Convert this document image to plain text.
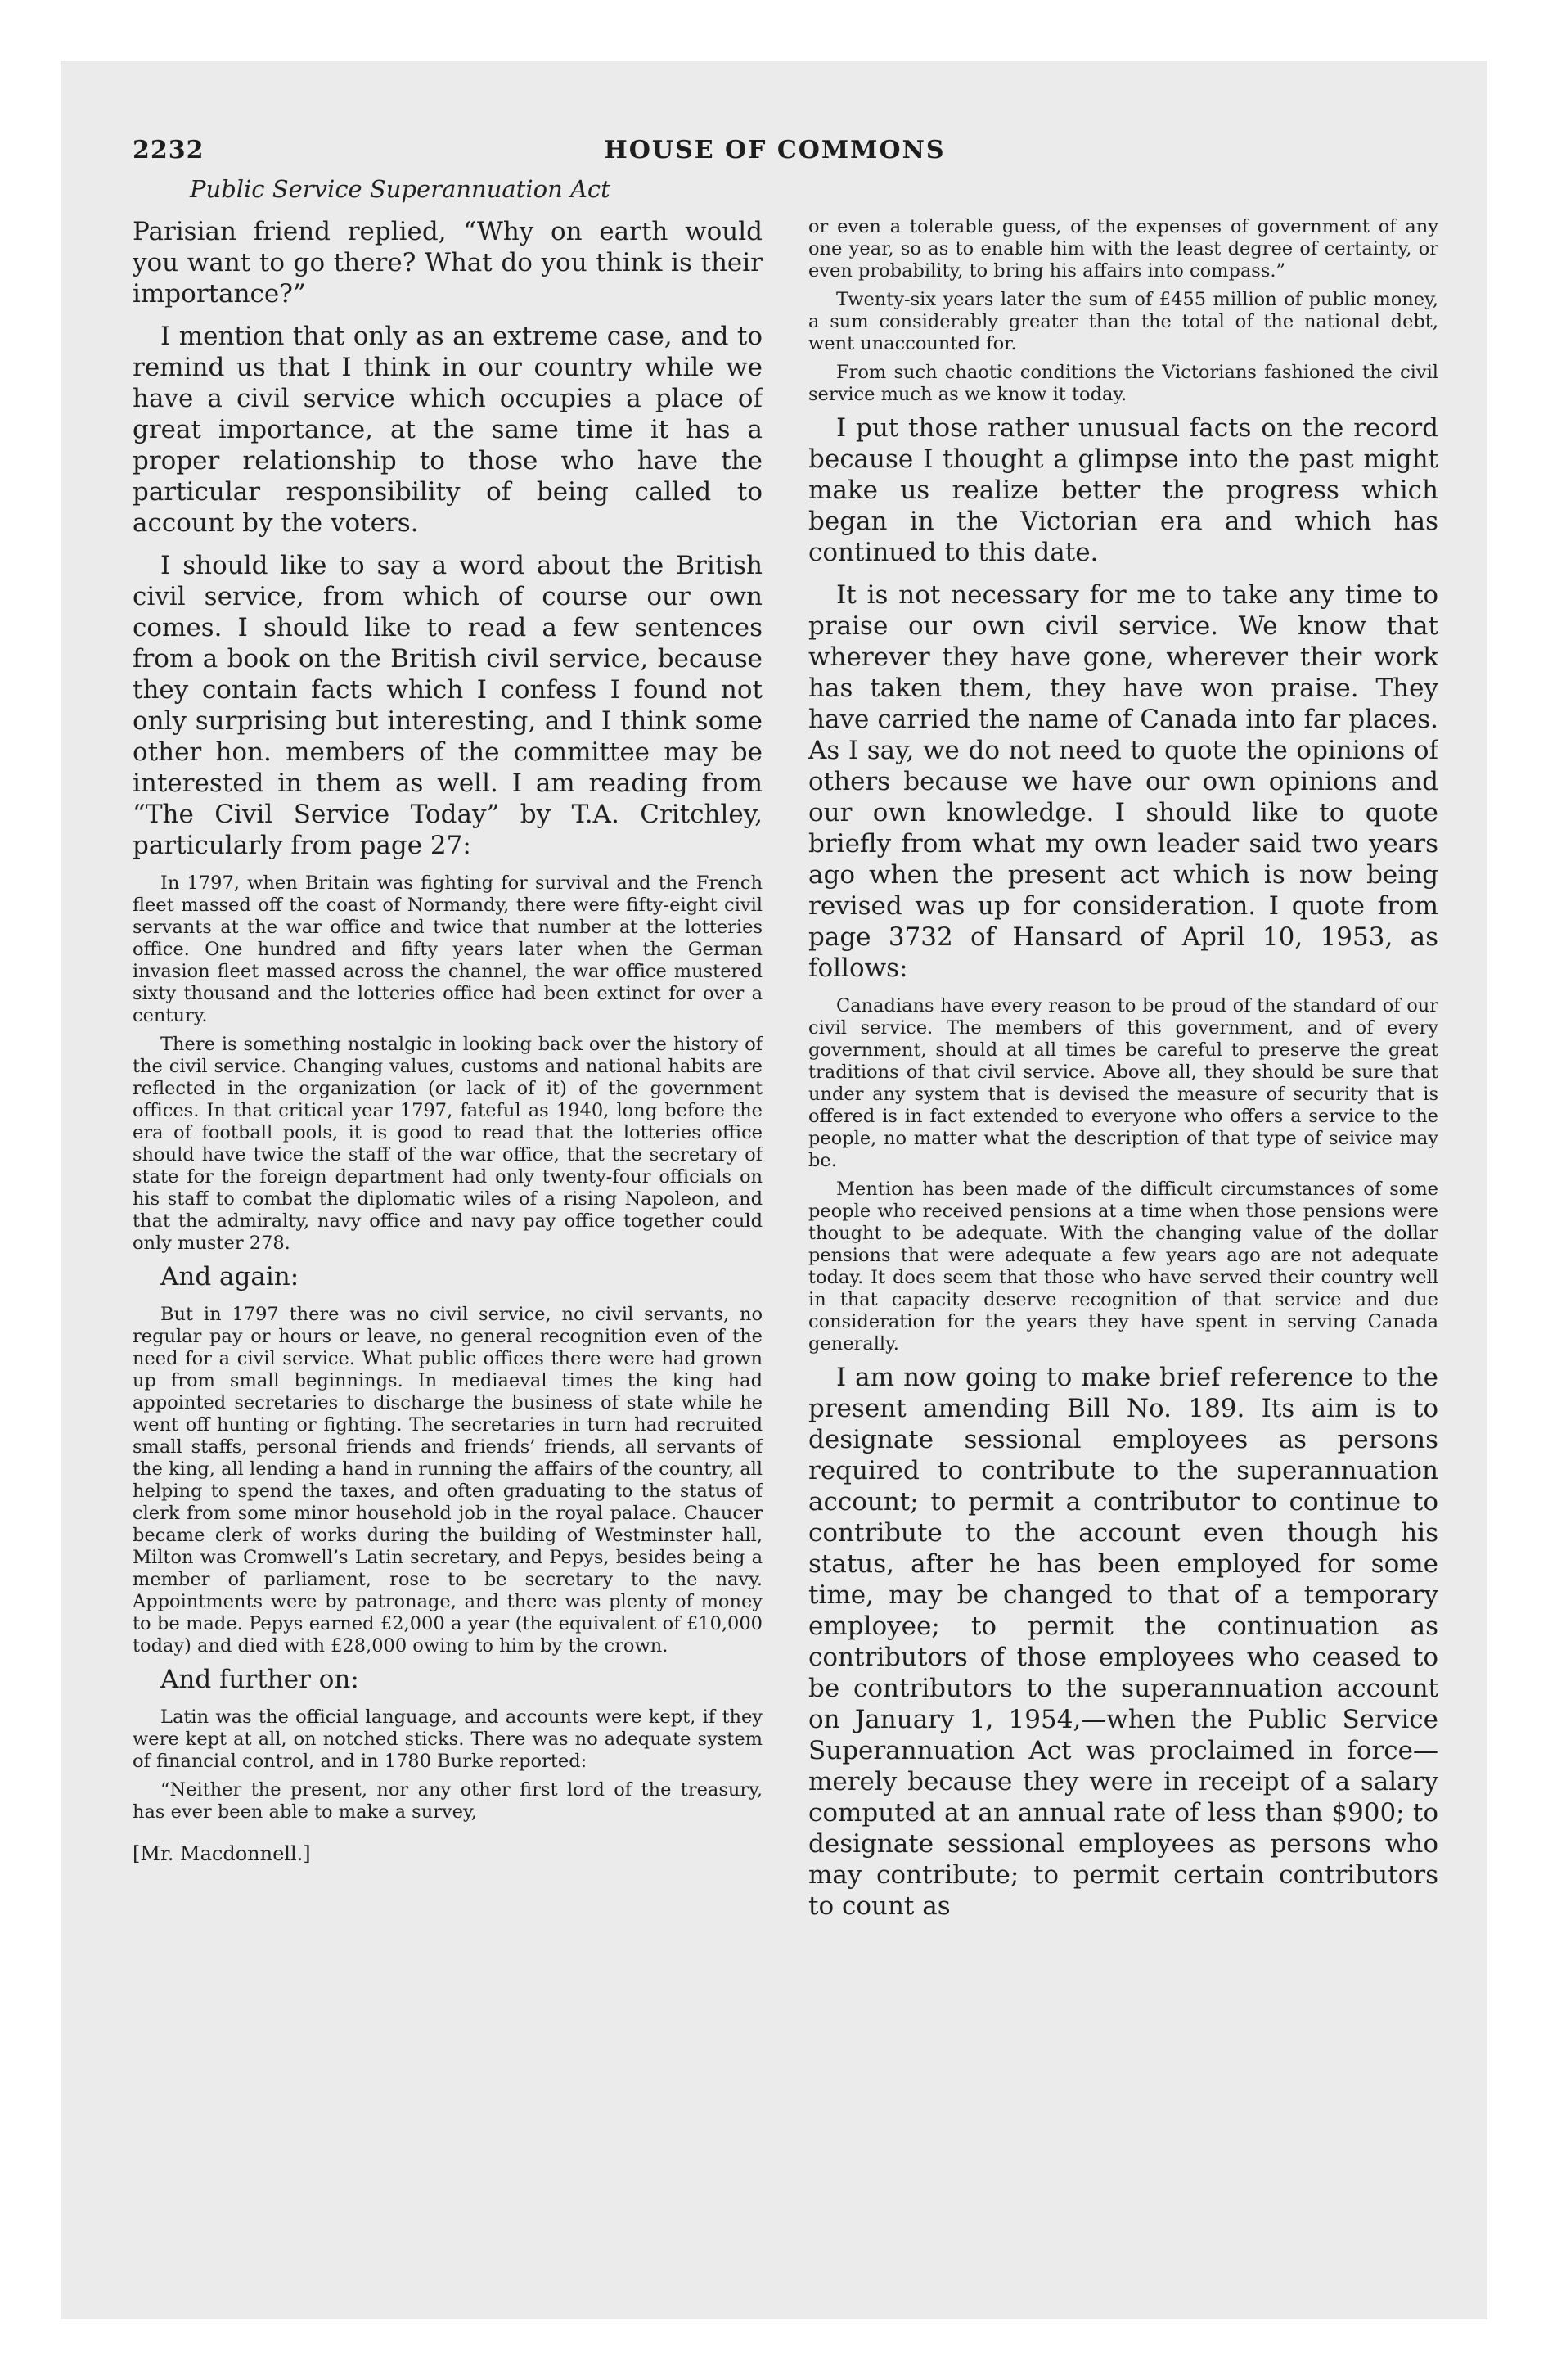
2232	HOUSE OF COMMONS
Public Service Superannuation Act

Parisian friend replied, “Why on earth would you want to go there? What do you think is their importance?”

I mention that only as an extreme case, and to remind us that I think in our country while we have a civil service which occupies a place of great importance, at the same time it has a proper relationship to those who have the particular responsibility of being called to account by the voters.

I should like to say a word about the British civil service, from which of course our own comes. I should like to read a few sentences from a book on the British civil service, because they contain facts which I confess I found not only surprising but interesting, and I think some other hon. members of the committee may be interested in them as well. I am reading from “The Civil Service Today” by T.A. Critchley, particularly from page 27:

In 1797, when Britain was fighting for survival and the French fleet massed off the coast of Normandy, there were fifty-eight civil servants at the war office and twice that number at the lotteries office. One hundred and fifty years later when the German invasion fleet massed across the channel, the war office mustered sixty thousand and the lotteries office had been extinct for over a century.

There is something nostalgic in looking back over the history of the civil service. Changing values, customs and national habits are reflected in the organization (or lack of it) of the government offices. In that critical year 1797, fateful as 1940, long before the era of football pools, it is good to read that the lotteries office should have twice the staff of the war office, that the secretary of state for the foreign department had only twenty-four officials on his staff to combat the diplomatic wiles of a rising Napoleon, and that the admiralty, navy office and navy pay office together could only muster 278.

And again:

But in 1797 there was no civil service, no civil servants, no regular pay or hours or leave, no general recognition even of the need for a civil service. What public offices there were had grown up from small beginnings. In mediaeval times the king had appointed secretaries to discharge the business of state while he went off hunting or fighting. The secretaries in turn had recruited small staffs, personal friends and friends’ friends, all servants of the king, all lending a hand in running the affairs of the country, all helping to spend the taxes, and often graduating to the status of clerk from some minor household job in the royal palace. Chaucer became clerk of works during the building of Westminster hall, Milton was Cromwell’s Latin secretary, and Pepys, besides being a member of parliament, rose to be secretary to the navy. Appointments were by patronage, and there was plenty of money to be made. Pepys earned £2,000 a year (the equivalent of £10,000 today) and died with £28,000 owing to him by the crown.

And further on:

Latin was the official language, and accounts were kept, if they were kept at all, on notched sticks. There was no adequate system of financial control, and in 1780 Burke reported:

“Neither the present, nor any other first lord of the treasury, has ever been able to make a survey,

[Mr. Macdonnell.]

or even a tolerable guess, of the expenses of government of any one year, so as to enable him with the least degree of certainty, or even probability, to bring his affairs into compass.”

Twenty-six years later the sum of £455 million of public money, a sum considerably greater than the total of the national debt, went unaccounted for.

From such chaotic conditions the Victorians fashioned the civil service much as we know it today.

I put those rather unusual facts on the record because I thought a glimpse into the past might make us realize better the progress which began in the Victorian era and which has continued to this date.

It is not necessary for me to take any time to praise our own civil service. We know that wherever they have gone, wherever their work has taken them, they have won praise. They have carried the name of Canada into far places. As I say, we do not need to quote the opinions of others because we have our own opinions and our own knowledge. I should like to quote briefly from what my own leader said two years ago when the present act which is now being revised was up for consideration. I quote from page 3732 of Hansard of April 10, 1953, as follows:

Canadians have every reason to be proud of the standard of our civil service. The members of this government, and of every government, should at all times be careful to preserve the great traditions of that civil service. Above all, they should be sure that under any system that is devised the measure of security that is offered is in fact extended to everyone who offers a service to the people, no matter what the description of that type of seivice may be.

Mention has been made of the difficult circumstances of some people who received pensions at a time when those pensions were thought to be adequate. With the changing value of the dollar pensions that were adequate a few years ago are not adequate today. It does seem that those who have served their country well in that capacity deserve recognition of that service and due consideration for the years they have spent in serving Canada generally.

I am now going to make brief reference to the present amending Bill No. 189. Its aim is to designate sessional employees as persons required to contribute to the superannuation account; to permit a contributor to continue to contribute to the account even though his status, after he has been employed for some time, may be changed to that of a temporary employee; to permit the continuation as contributors of those employees who ceased to be contributors to the superannuation account on January 1, 1954,—when the Public Service Superannuation Act was proclaimed in force—merely because they were in receipt of a salary computed at an annual rate of less than $900; to designate sessional employees as persons who may contribute; to permit certain contributors to count as
